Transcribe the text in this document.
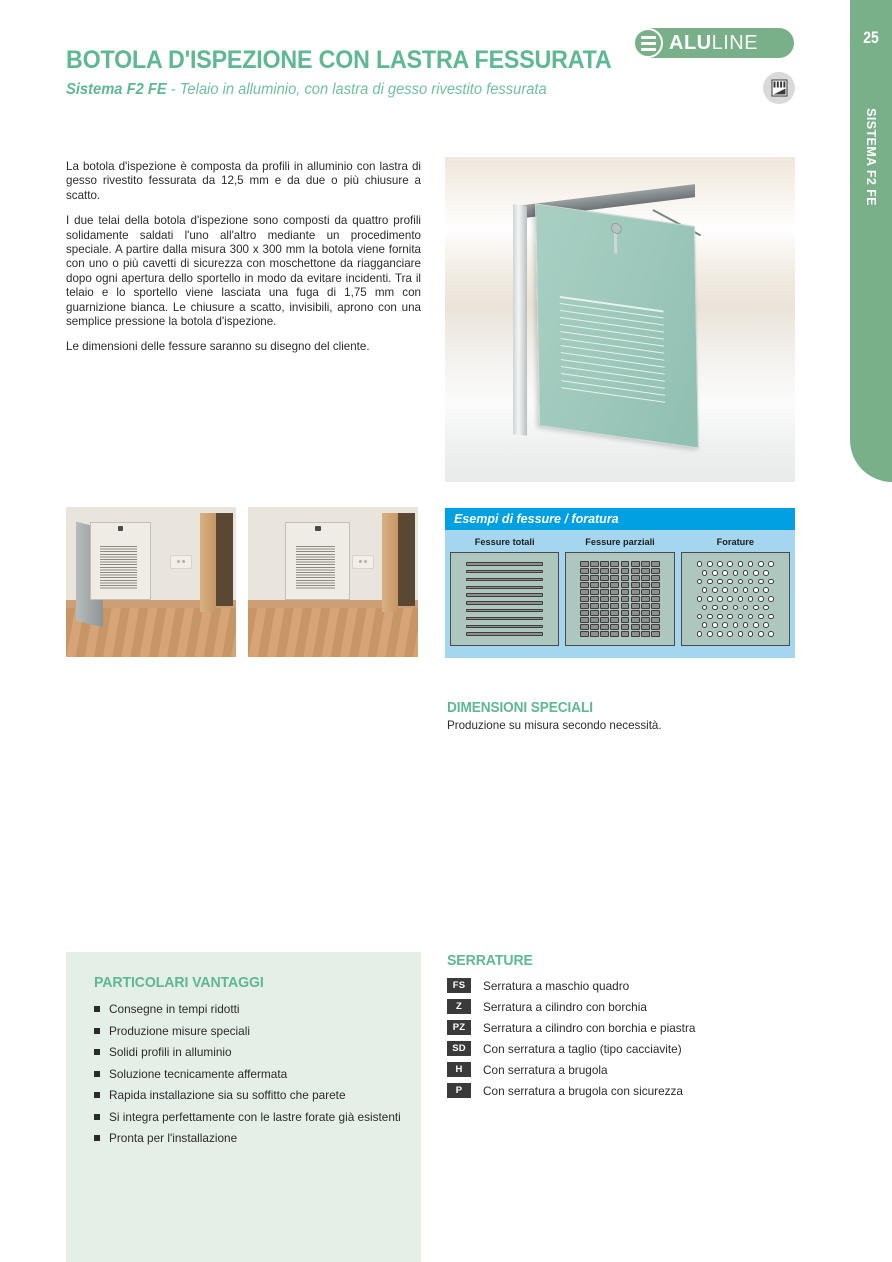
25
SISTEMA F2 FE
BOTOLA D'ISPEZIONE CON LASTRA FESSURATA
Sistema F2 FE - Telaio in alluminio, con lastra di gesso rivestito fessurata
ALULINE

La botola d'ispezione è composta da profili in alluminio con lastra di gesso rivestito fessurata da 12,5 mm e da due o più chiusure a scatto.

I due telai della botola d'ispezione sono composti da quattro profili solidamente saldati l'uno all'altro mediante un procedimento speciale. A partire dalla misura 300 x 300 mm la botola viene fornita con uno o più cavetti di sicurezza con moschettone da riagganciare dopo ogni apertura dello sportello in modo da evitare incidenti. Tra il telaio e lo sportello viene lasciata una fuga di 1,75 mm con guarnizione bianca. Le chiusure a scatto, invisibili, aprono con una semplice pressione la botola d'ispezione.

Le dimensioni delle fessure saranno su disegno del cliente.

Esempi di fessure / foratura
Fessure totali	Fessure parziali	Forature
DIMENSIONI SPECIALI

Produzione su misura secondo necessità.

PARTICOLARI VANTAGGI
Consegne in tempi ridotti
Produzione misure speciali
Solidi profili in alluminio
Soluzione tecnicamente affermata
Rapida installazione sia su soffitto che parete
Si integra perfettamente con le lastre forate già esistenti
Pronta per l'installazione
SERRATURE
FS	Serratura a maschio quadro
Z	Serratura a cilindro con borchia
PZ	Serratura a cilindro con borchia e piastra
SD	Con serratura a taglio (tipo cacciavite)
H	Con serratura a brugola
P	Con serratura a brugola con sicurezza
